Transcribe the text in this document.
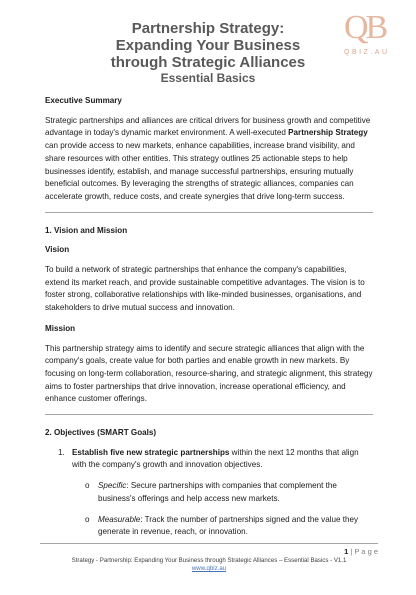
QB
QBIZ.AU
Partnership Strategy:
Expanding Your Business
through Strategic Alliances
Essential Basics
Executive Summary

Strategic partnerships and alliances are critical drivers for business growth and competitive advantage in today's dynamic market environment. A well-executed Partnership Strategy can provide access to new markets, enhance capabilities, increase brand visibility, and share resources with other entities. This strategy outlines 25 actionable steps to help businesses identify, establish, and manage successful partnerships, ensuring mutually beneficial outcomes. By leveraging the strengths of strategic alliances, companies can accelerate growth, reduce costs, and create synergies that drive long-term success.

1. Vision and Mission
Vision

To build a network of strategic partnerships that enhance the company's capabilities, extend its market reach, and provide sustainable competitive advantages. The vision is to foster strong, collaborative relationships with like-minded businesses, organisations, and stakeholders to drive mutual success and innovation.

Mission

This partnership strategy aims to identify and secure strategic alliances that align with the company's goals, create value for both parties and enable growth in new markets. By focusing on long-term collaboration, resource-sharing, and strategic alignment, this strategy aims to foster partnerships that drive innovation, increase operational efficiency, and enhance customer offerings.

2. Objectives (SMART Goals)
1. Establish five new strategic partnerships within the next 12 months that align with the company's growth and innovation objectives.
o Specific: Secure partnerships with companies that complement the business's offerings and help access new markets.
o Measurable: Track the number of partnerships signed and the value they generate in revenue, reach, or innovation.
1 | P a g e
Strategy - Partnership: Expanding Your Business through Strategic Alliances – Essential Basics - V1.1
www.qbiz.au
